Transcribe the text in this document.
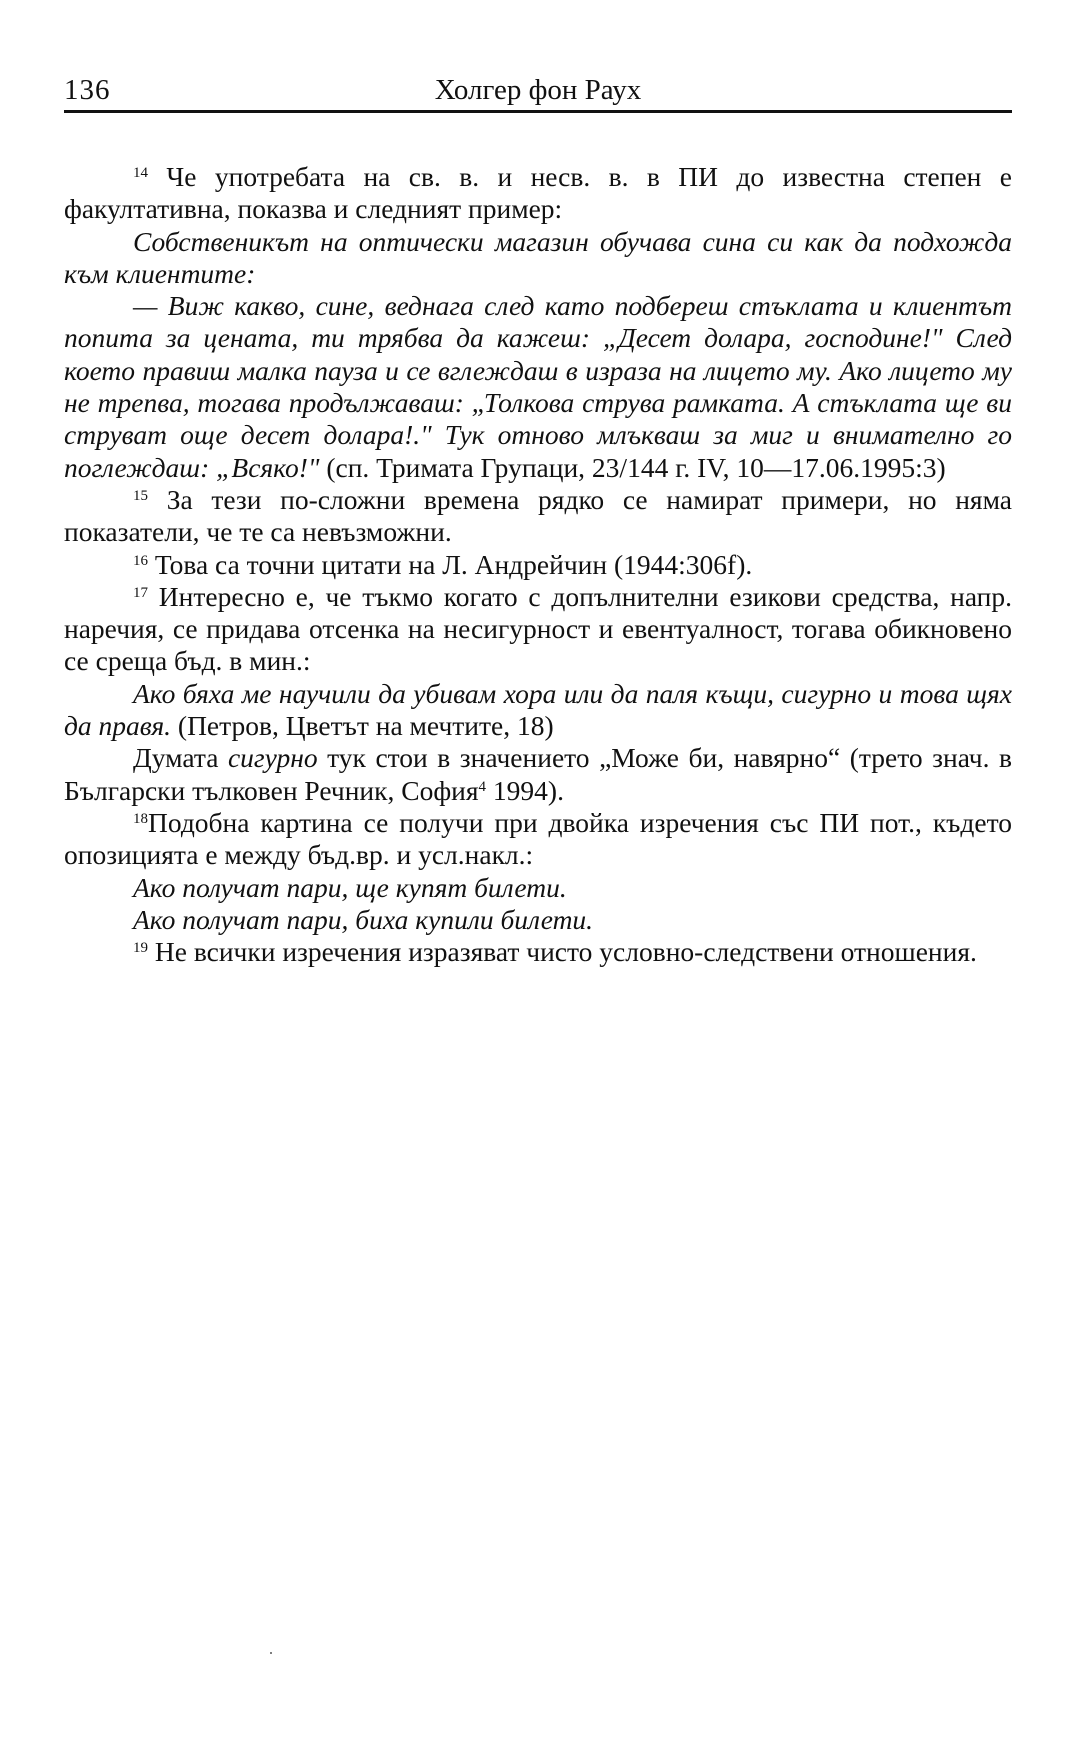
136	Холгер фон Раух

$^{14}$ Че употребата на св. в. и несв. в. в ПИ до известна степен е факултативна, показва и следният пример:

Собственикът на оптически магазин обучава сина си как да подхожда към клиентите:

— Виж какво, сине, веднага след като подбереш стъклата и клиентът попита за цената, ти трябва да кажеш: „Десет долара, господине!" След което правиш малка пауза и се вглеждаш в израза на лицето му. Ако лицето му не трепва, тогава продължаваш: „Толкова струва рамката. А стъклата ще ви струват още десет долара!." Тук отново млъкваш за миг и внимателно го поглеждаш: „Всяко!" (сп. Тримата Групаци, 23/144 г. IV, 10—17.06.1995:3)

$^{15}$ За тези по-сложни времена рядко се намират примери, но няма показатели, че те са невъзможни.

$^{16}$ Това са точни цитати на Л. Андрейчин (1944:306f).

$^{17}$ Интересно е, че тъкмо когато с допълнителни езикови средства, напр. наречия, се придава отсенка на несигурност и евентуалност, тогава обикновено се среща бъд. в мин.:

Ако бяха ме научили да убивам хора или да паля къщи, сигурно и това щях да правя. (Петров, Цветът на мечтите, 18)

Думата сигурно тук стои в значението „Може би, навярно“ (трето знач. в Български тълковен Речник, София$^4$ 1994).

$^{18}$Подобна картина се получи при двойка изречения със ПИ пот., където опозицията е между бъд.вр. и усл.накл.:

Ако получат пари, ще купят билети.

Ако получат пари, биха купили билети.

$^{19}$ Не всички изречения изразяват чисто условно-следствени отношения.
